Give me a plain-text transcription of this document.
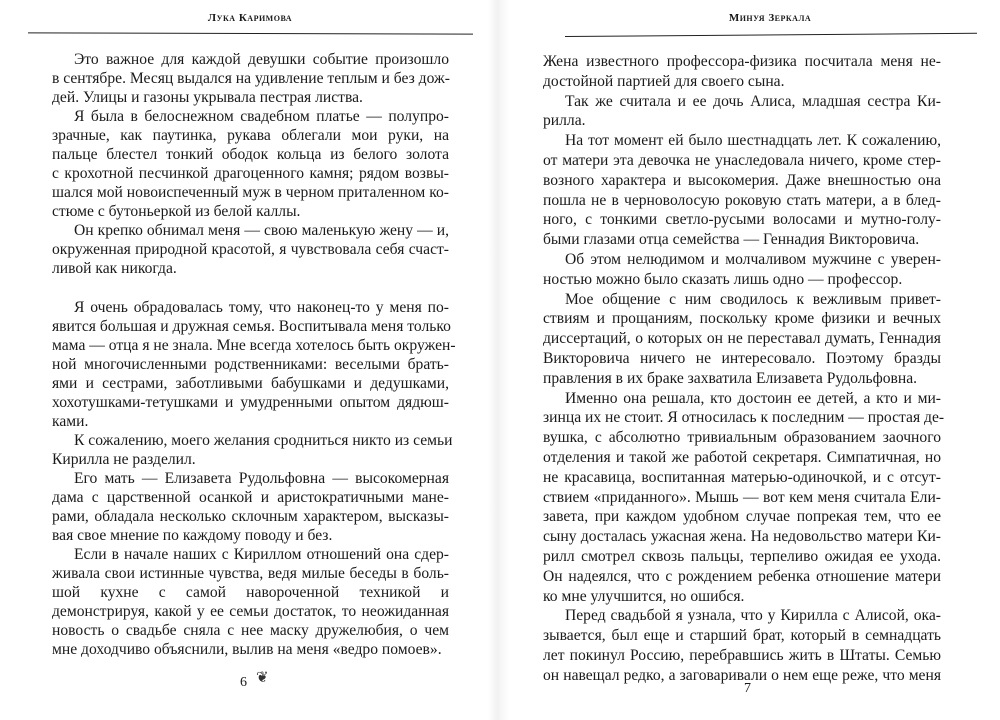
Лука Каримова
Это важное для каждой девушки событие произошло
в сентябре. Месяц выдался на удивление теплым и без дож-
дей. Улицы и газоны укрывала пестрая листва.
Я была в белоснежном свадебном платье — полупро-
зрачные, как паутинка, рукава облегали мои руки, на
пальце блестел тонкий ободок кольца из белого золота
с крохотной песчинкой драгоценного камня; рядом возвы-
шался мой новоиспеченный муж в черном приталенном ко-
стюме с бутоньеркой из белой каллы.
Он крепко обнимал меня — свою маленькую жену — и,
окруженная природной красотой, я чувствовала себя счаст-
ливой как никогда.
Я очень обрадовалась тому, что наконец-то у меня по-
явится большая и дружная семья. Воспитывала меня только
мама — отца я не знала. Мне всегда хотелось быть окружен-
ной многочисленными родственниками: веселыми брать-
ями и сестрами, заботливыми бабушками и дедушками,
хохотушками-тетушками и умудренными опытом дядюш-
ками.
К сожалению, моего желания сродниться никто из семьи
Кирилла не разделил.
Его мать — Елизавета Рудольфовна — высокомерная
дама с царственной осанкой и аристократичными мане-
рами, обладала несколько склочным характером, высказы-
вая свое мнение по каждому поводу и без.
Если в начале наших с Кириллом отношений она сдер-
живала свои истинные чувства, ведя милые беседы в боль-
шой кухне с самой навороченной техникой и
демонстрируя, какой у ее семьи достаток, то неожиданная
новость о свадьбе сняла с нее маску дружелюбия, о чем
мне доходчиво объяснили, вылив на меня «ведро помоев».
6 ❦
Минуя Зеркала
Жена известного профессора-физика посчитала меня не-
достойной партией для своего сына.
Так же считала и ее дочь Алиса, младшая сестра Ки-
рилла.
На тот момент ей было шестнадцать лет. К сожалению,
от матери эта девочка не унаследовала ничего, кроме стер-
возного характера и высокомерия. Даже внешностью она
пошла не в черноволосую роковую стать матери, а в блед-
ного, с тонкими светло-русыми волосами и мутно-голу-
быми глазами отца семейства — Геннадия Викторовича.
Об этом нелюдимом и молчаливом мужчине с уверен-
ностью можно было сказать лишь одно — профессор.
Мое общение с ним сводилось к вежливым привет-
ствиям и прощаниям, поскольку кроме физики и вечных
диссертаций, о которых он не переставал думать, Геннадия
Викторовича ничего не интересовало. Поэтому бразды
правления в их браке захватила Елизавета Рудольфовна.
Именно она решала, кто достоин ее детей, а кто и ми-
зинца их не стоит. Я относилась к последним — простая де-
вушка, с абсолютно тривиальным образованием заочного
отделения и такой же работой секретаря. Симпатичная, но
не красавица, воспитанная матерью-одиночкой, и с отсут-
ствием «приданного». Мышь — вот кем меня считала Ели-
завета, при каждом удобном случае попрекая тем, что ее
сыну досталась ужасная жена. На недовольство матери Ки-
рилл смотрел сквозь пальцы, терпеливо ожидая ее ухода.
Он надеялся, что с рождением ребенка отношение матери
ко мне улучшится, но ошибся.
Перед свадьбой я узнала, что у Кирилла с Алисой, ока-
зывается, был еще и старший брат, который в семнадцать
лет покинул Россию, перебравшись жить в Штаты. Семью
он навещал редко, а заговаривали о нем еще реже, что меня
7
